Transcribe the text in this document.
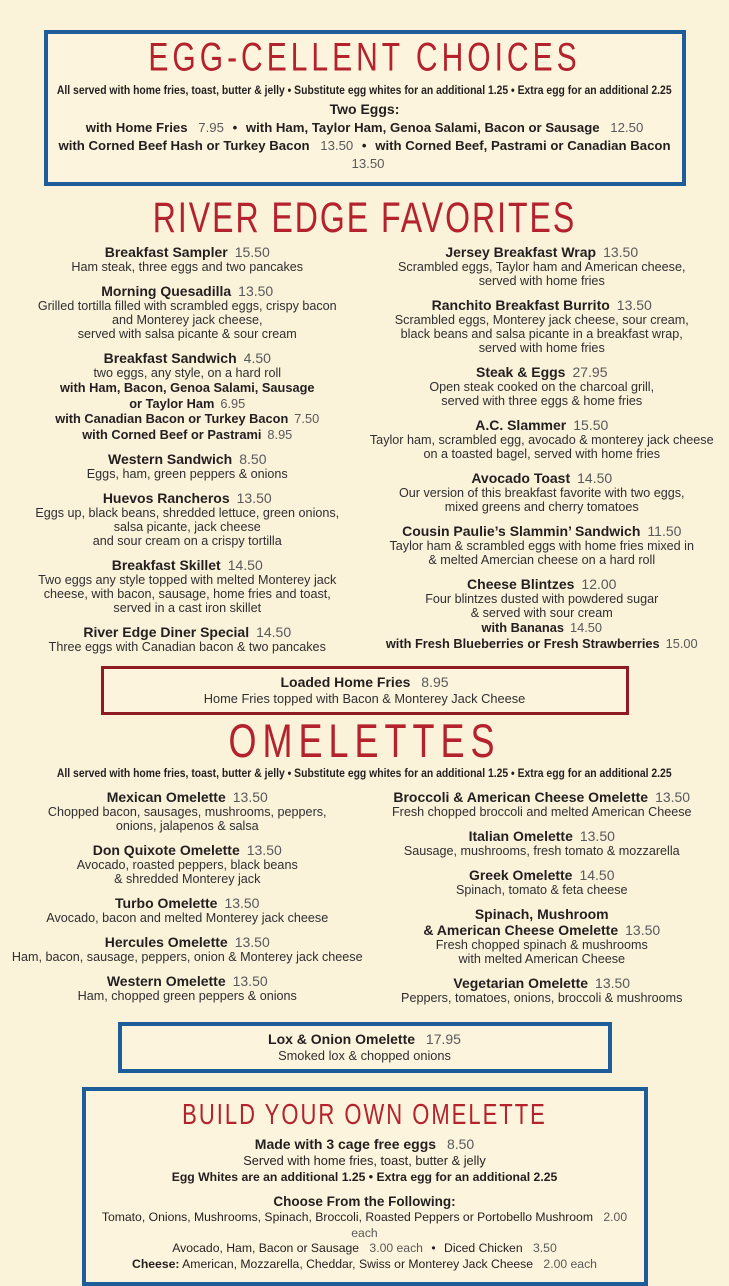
EGG-CELLENT CHOICES
All served with home fries, toast, butter & jelly • Substitute egg whites for an additional 1.25 • Extra egg for an additional 2.25
Two Eggs:
with Home Fries 7.95 • with Ham, Taylor Ham, Genoa Salami, Bacon or Sausage 12.50
with Corned Beef Hash or Turkey Bacon 13.50 • with Corned Beef, Pastrami or Canadian Bacon 13.50
RIVER EDGE FAVORITES
Breakfast Sampler 15.50
Ham steak, three eggs and two pancakes
Morning Quesadilla 13.50
Grilled tortilla filled with scrambled eggs, crispy bacon
and Monterey jack cheese,
served with salsa picante & sour cream
Breakfast Sandwich 4.50
two eggs, any style, on a hard roll
with Ham, Bacon, Genoa Salami, Sausage
or Taylor Ham 6.95
with Canadian Bacon or Turkey Bacon 7.50
with Corned Beef or Pastrami 8.95
Western Sandwich 8.50
Eggs, ham, green peppers & onions
Huevos Rancheros 13.50
Eggs up, black beans, shredded lettuce, green onions,
salsa picante, jack cheese
and sour cream on a crispy tortilla
Breakfast Skillet 14.50
Two eggs any style topped with melted Monterey jack
cheese, with bacon, sausage, home fries and toast,
served in a cast iron skillet
River Edge Diner Special 14.50
Three eggs with Canadian bacon & two pancakes
Jersey Breakfast Wrap 13.50
Scrambled eggs, Taylor ham and American cheese,
served with home fries
Ranchito Breakfast Burrito 13.50
Scrambled eggs, Monterey jack cheese, sour cream,
black beans and salsa picante in a breakfast wrap,
served with home fries
Steak & Eggs 27.95
Open steak cooked on the charcoal grill,
served with three eggs & home fries
A.C. Slammer 15.50
Taylor ham, scrambled egg, avocado & monterey jack cheese
on a toasted bagel, served with home fries
Avocado Toast 14.50
Our version of this breakfast favorite with two eggs,
mixed greens and cherry tomatoes
Cousin Paulie’s Slammin’ Sandwich 11.50
Taylor ham & scrambled eggs with home fries mixed in
& melted Amercian cheese on a hard roll
Cheese Blintzes 12.00
Four blintzes dusted with powdered sugar
& served with sour cream
with Bananas 14.50
with Fresh Blueberries or Fresh Strawberries 15.00
Loaded Home Fries 8.95
Home Fries topped with Bacon & Monterey Jack Cheese
OMELETTES
All served with home fries, toast, butter & jelly • Substitute egg whites for an additional 1.25 • Extra egg for an additional 2.25
Mexican Omelette 13.50
Chopped bacon, sausages, mushrooms, peppers,
onions, jalapenos & salsa
Don Quixote Omelette 13.50
Avocado, roasted peppers, black beans
& shredded Monterey jack
Turbo Omelette 13.50
Avocado, bacon and melted Monterey jack cheese
Hercules Omelette 13.50
Ham, bacon, sausage, peppers, onion & Monterey jack cheese
Western Omelette 13.50
Ham, chopped green peppers & onions
Broccoli & American Cheese Omelette 13.50
Fresh chopped broccoli and melted American Cheese
Italian Omelette 13.50
Sausage, mushrooms, fresh tomato & mozzarella
Greek Omelette 14.50
Spinach, tomato & feta cheese
Spinach, Mushroom
& American Cheese Omelette 13.50
Fresh chopped spinach & mushrooms
with melted American Cheese
Vegetarian Omelette 13.50
Peppers, tomatoes, onions, broccoli & mushrooms
Lox & Onion Omelette 17.95
Smoked lox & chopped onions
BUILD YOUR OWN OMELETTE
Made with 3 cage free eggs 8.50
Served with home fries, toast, butter & jelly
Egg Whites are an additional 1.25 • Extra egg for an additional 2.25
Choose From the Following:
Tomato, Onions, Mushrooms, Spinach, Broccoli, Roasted Peppers or Portobello Mushroom 2.00 each
Avocado, Ham, Bacon or Sausage 3.00 each • Diced Chicken 3.50
Cheese: American, Mozzarella, Cheddar, Swiss or Monterey Jack Cheese 2.00 each
